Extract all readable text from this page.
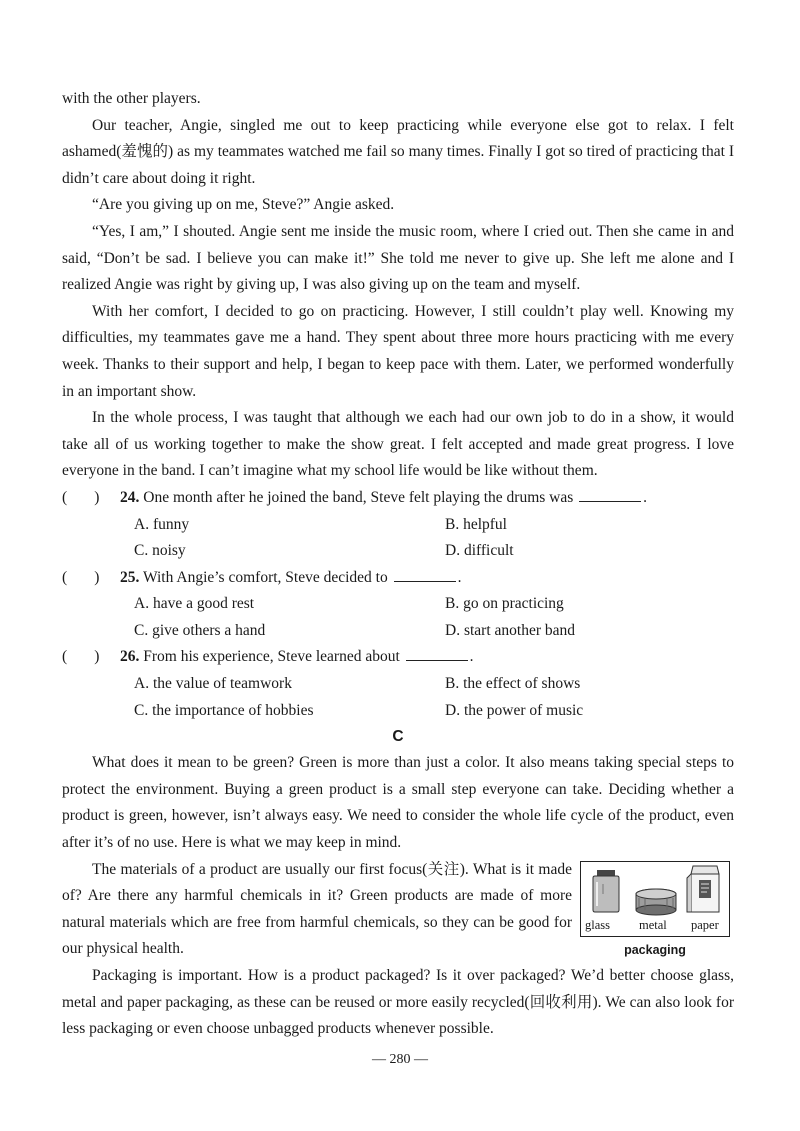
with the other players.

Our teacher, Angie, singled me out to keep practicing while everyone else got to relax. I felt ashamed(羞愧的) as my teammates watched me fail so many times. Finally I got so tired of practicing that I didn’t care about doing it right.

“Are you giving up on me, Steve?” Angie asked.

“Yes, I am,” I shouted. Angie sent me inside the music room, where I cried out. Then she came in and said, “Don’t be sad. I believe you can make it!” She told me never to give up. She left me alone and I realized Angie was right by giving up, I was also giving up on the team and myself.

With her comfort, I decided to go on practicing. However, I still couldn’t play well. Knowing my difficulties, my teammates gave me a hand. They spent about three more hours practicing with me every week. Thanks to their support and help, I began to keep pace with them. Later, we performed wonderfully in an important show.

In the whole process, I was taught that although we each had our own job to do in a show, it would take all of us working together to make the show great. I felt accepted and made great progress. I love everyone in the band. I can’t imagine what my school life would be like without them.

(       )	24. One month after he joined the band, Steve felt playing the drums was	.
A. funny	B. helpful
C. noisy	D. difficult
(       )	25. With Angie’s comfort, Steve decided to	.
A. have a good rest	B. go on practicing
C. give others a hand	D. start another band
(       )	26. From his experience, Steve learned about	.
A. the value of teamwork	B. the effect of shows
C. the importance of hobbies	D. the power of music
C

What does it mean to be green? Green is more than just a color. It also means taking special steps to protect the environment. Buying a green product is a small step everyone can take. Deciding whether a product is green, however, isn’t always easy. We need to consider the whole life cycle of the product, even after it’s of no use. Here is what we may keep in mind.

The materials of a product are usually our first focus(关注). What is it made of? Are there any harmful chemicals in it? Green products are made of more natural materials which are free from harmful chemicals, so they can be good for our physical health.

glass metal paper
packaging

Packaging is important. How is a product packaged? Is it over packaged? We’d better choose glass, metal and paper packaging, as these can be reused or more easily recycled(回收利用). We can also look for less packaging or even choose unbagged products whenever possible.

— 280 —
